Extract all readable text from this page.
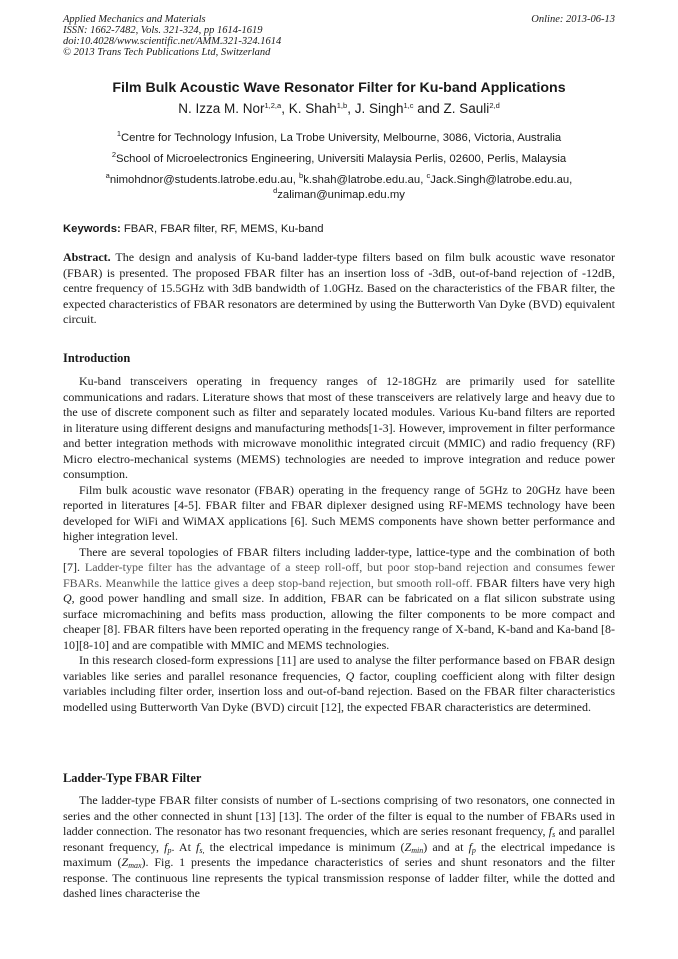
Applied Mechanics and Materials
ISSN: 1662-7482, Vols. 321-324, pp 1614-1619
doi:10.4028/www.scientific.net/AMM.321-324.1614
© 2013 Trans Tech Publications Ltd, Switzerland
Online: 2013-06-13
Film Bulk Acoustic Wave Resonator Filter for Ku-band Applications
N. Izza M. Nor$^{1,2,a}$, K. Shah$^{1,b}$, J. Singh$^{1,c}$ and Z. Sauli$^{2,d}$
$^1$Centre for Technology Infusion, La Trobe University, Melbourne, 3086, Victoria, Australia
$^2$School of Microelectronics Engineering, Universiti Malaysia Perlis, 02600, Perlis, Malaysia
$^a$nimohdnor@students.latrobe.edu.au, $^b$k.shah@latrobe.edu.au, $^c$Jack.Singh@latrobe.edu.au,
$^d$zaliman@unimap.edu.my
Keywords: FBAR, FBAR filter, RF, MEMS, Ku-band

Abstract. The design and analysis of Ku-band ladder-type filters based on film bulk acoustic wave resonator (FBAR) is presented. The proposed FBAR filter has an insertion loss of -3dB, out-of-band rejection of -12dB, centre frequency of 15.5GHz with 3dB bandwidth of 1.0GHz. Based on the characteristics of the FBAR filter, the expected characteristics of FBAR resonators are determined by using the Butterworth Van Dyke (BVD) equivalent circuit.

Introduction

Ku-band transceivers operating in frequency ranges of 12-18GHz are primarily used for satellite communications and radars. Literature shows that most of these transceivers are relatively large and heavy due to the use of discrete component such as filter and separately located modules. Various Ku-band filters are reported in literature using different designs and manufacturing methods[1-3]. However, improvement in filter performance and better integration methods with microwave monolithic integrated circuit (MMIC) and radio frequency (RF) Micro electro-mechanical systems (MEMS) technologies are needed to improve integration and reduce power consumption.

Film bulk acoustic wave resonator (FBAR) operating in the frequency range of 5GHz to 20GHz have been reported in literatures [4-5]. FBAR filter and FBAR diplexer designed using RF-MEMS technology have been developed for WiFi and WiMAX applications [6]. Such MEMS components have shown better performance and higher integration level.

There are several topologies of FBAR filters including ladder-type, lattice-type and the combination of both [7]. Ladder-type filter has the advantage of a steep roll-off, but poor stop-band rejection and consumes fewer FBARs. Meanwhile the lattice gives a deep stop-band rejection, but smooth roll-off. FBAR filters have very high Q, good power handling and small size. In addition, FBAR can be fabricated on a flat silicon substrate using surface micromachining and befits mass production, allowing the filter components to be more compact and cheaper [8]. FBAR filters have been reported operating in the frequency range of X-band, K-band and Ka-band [8-10][8-10] and are compatible with MMIC and MEMS technologies.

In this research closed-form expressions [11] are used to analyse the filter performance based on FBAR design variables like series and parallel resonance frequencies, Q factor, coupling coefficient along with filter design variables including filter order, insertion loss and out-of-band rejection. Based on the FBAR filter characteristics modelled using Butterworth Van Dyke (BVD) circuit [12], the expected FBAR characteristics are determined.

Ladder-Type FBAR Filter

The ladder-type FBAR filter consists of number of L-sections comprising of two resonators, one connected in series and the other connected in shunt [13] [13]. The order of the filter is equal to the number of FBARs used in ladder connection. The resonator has two resonant frequencies, which are series resonant frequency, $f_s$ and parallel resonant frequency, $f_p$. At $f_{s,}$ the electrical impedance is minimum $(Z_{min})$ and at $f_p$ the electrical impedance is maximum $(Z_{max})$. Fig. 1 presents the impedance characteristics of series and shunt resonators and the filter response. The continuous line represents the typical transmission response of ladder filter, while the dotted and dashed lines characterise the
